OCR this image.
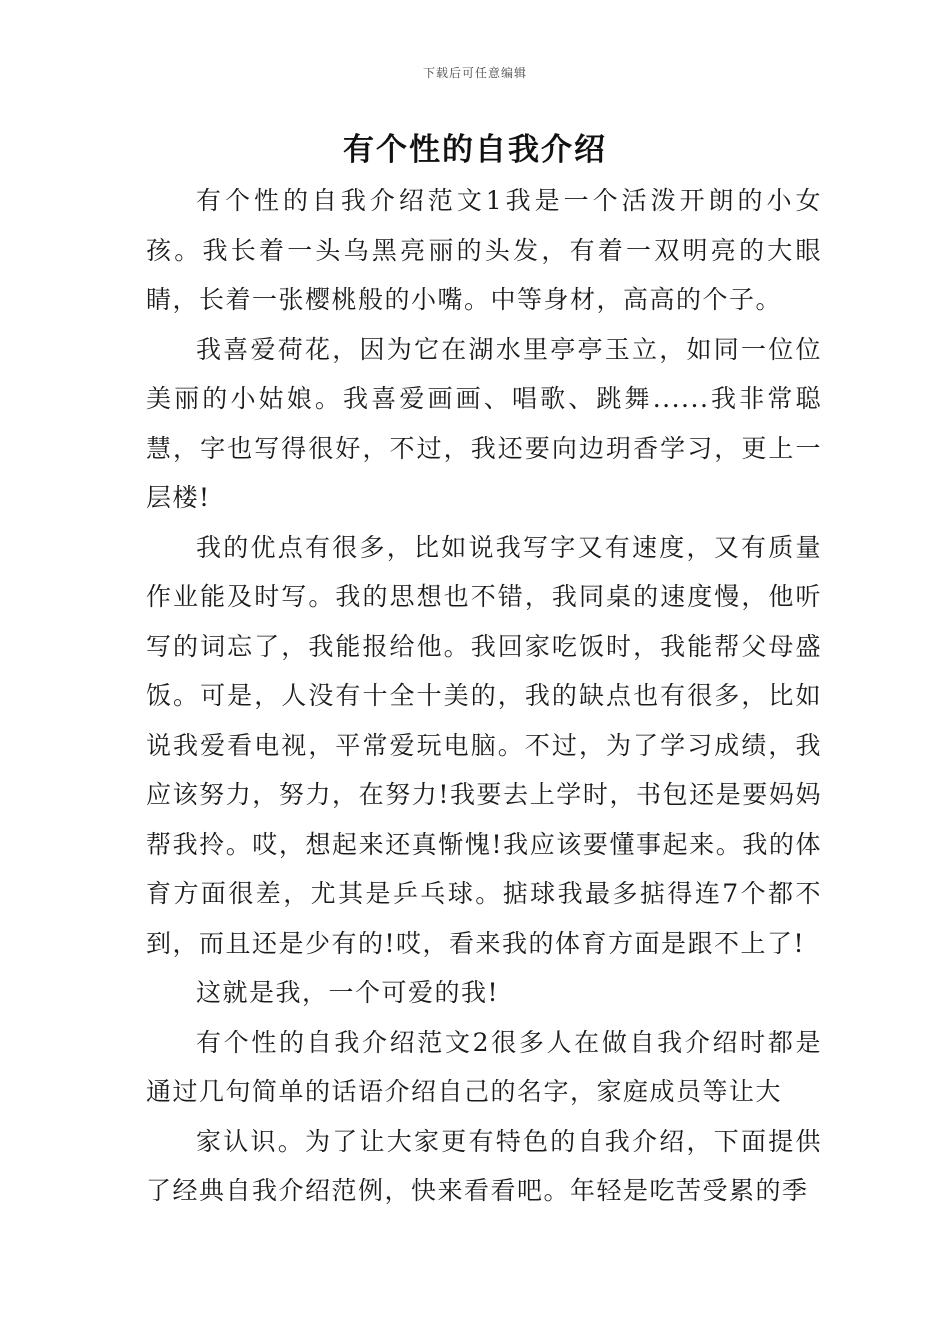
下载后可任意编辑
有个性的自我介绍

有个性的自我介绍范文1我是一个活泼开朗的小女孩。我长着一头乌黑亮丽的头发，有着一双明亮的大眼睛，长着一张樱桃般的小嘴。中等身材，高高的个子。

我喜爱荷花，因为它在湖水里亭亭玉立，如同一位位美丽的小姑娘。我喜爱画画、唱歌、跳舞......我非常聪慧，字也写得很好，不过，我还要向边玥香学习，更上一层楼!

我的优点有很多，比如说我写字又有速度，又有质量作业能及时写。我的思想也不错，我同桌的速度慢，他听写的词忘了，我能报给他。我回家吃饭时，我能帮父母盛饭。可是，人没有十全十美的，我的缺点也有很多，比如说我爱看电视，平常爱玩电脑。不过，为了学习成绩，我应该努力，努力，在努力!我要去上学时，书包还是要妈妈帮我拎。哎，想起来还真惭愧!我应该要懂事起来。我的体育方面很差，尤其是乒乓球。掂球我最多掂得连7个都不到，而且还是少有的!哎，看来我的体育方面是跟不上了!

这就是我，一个可爱的我!

有个性的自我介绍范文2很多人在做自我介绍时都是通过几句简单的话语介绍自己的名字，家庭成员等让大

家认识。为了让大家更有特色的自我介绍，下面提供了经典自我介绍范例，快来看看吧。年轻是吃苦受累的季
